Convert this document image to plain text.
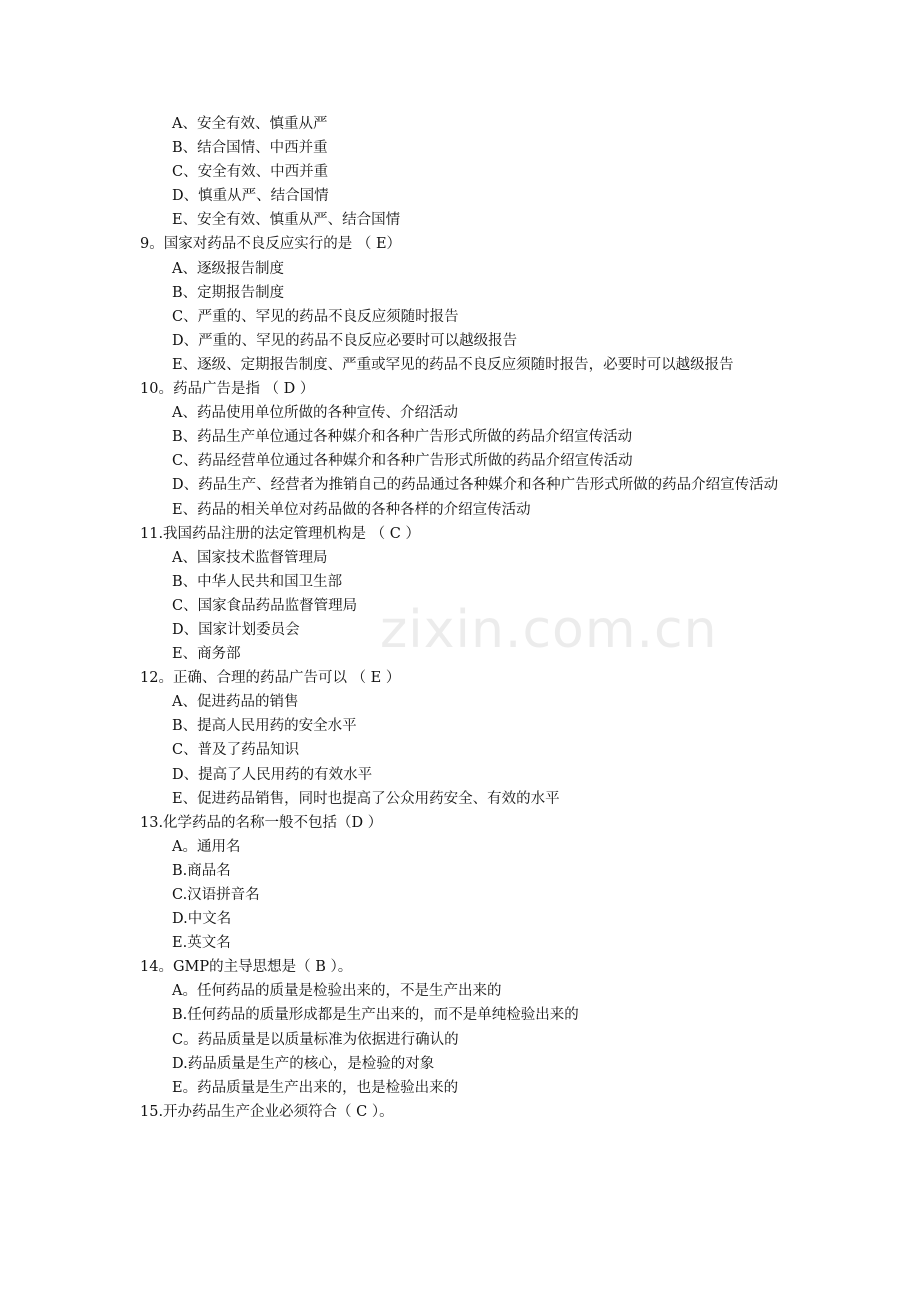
zixin.com.cn
A、安全有效、慎重从严
B、结合国情、中西并重
C、安全有效、中西并重
D、慎重从严、结合国情
E、安全有效、慎重从严、结合国情
9。国家对药品不良反应实行的是 （ E）
A、逐级报告制度
B、定期报告制度
C、严重的、罕见的药品不良反应须随时报告
D、严重的、罕见的药品不良反应必要时可以越级报告
E、逐级、定期报告制度、严重或罕见的药品不良反应须随时报告，必要时可以越级报告
10。药品广告是指 （ D ）
A、药品使用单位所做的各种宣传、介绍活动
B、药品生产单位通过各种媒介和各种广告形式所做的药品介绍宣传活动
C、药品经营单位通过各种媒介和各种广告形式所做的药品介绍宣传活动
D、药品生产、经营者为推销自己的药品通过各种媒介和各种广告形式所做的药品介绍宣传活动
E、药品的相关单位对药品做的各种各样的介绍宣传活动
11.我国药品注册的法定管理机构是 （ C ）
A、国家技术监督管理局
B、中华人民共和国卫生部
C、国家食品药品监督管理局
D、国家计划委员会
E、商务部
12。正确、合理的药品广告可以 （ E ）
A、促进药品的销售
B、提高人民用药的安全水平
C、普及了药品知识
D、提高了人民用药的有效水平
E、促进药品销售，同时也提高了公众用药安全、有效的水平
13.化学药品的名称一般不包括（D ）
A。通用名
B.商品名
C.汉语拼音名
D.中文名
E.英文名
14。GMP的主导思想是（ B ）。
A。任何药品的质量是检验出来的，不是生产出来的
B.任何药品的质量形成都是生产出来的，而不是单纯检验出来的
C。药品质量是以质量标准为依据进行确认的
D.药品质量是生产的核心，是检验的对象
E。药品质量是生产出来的，也是检验出来的
15.开办药品生产企业必须符合（ C ）。
